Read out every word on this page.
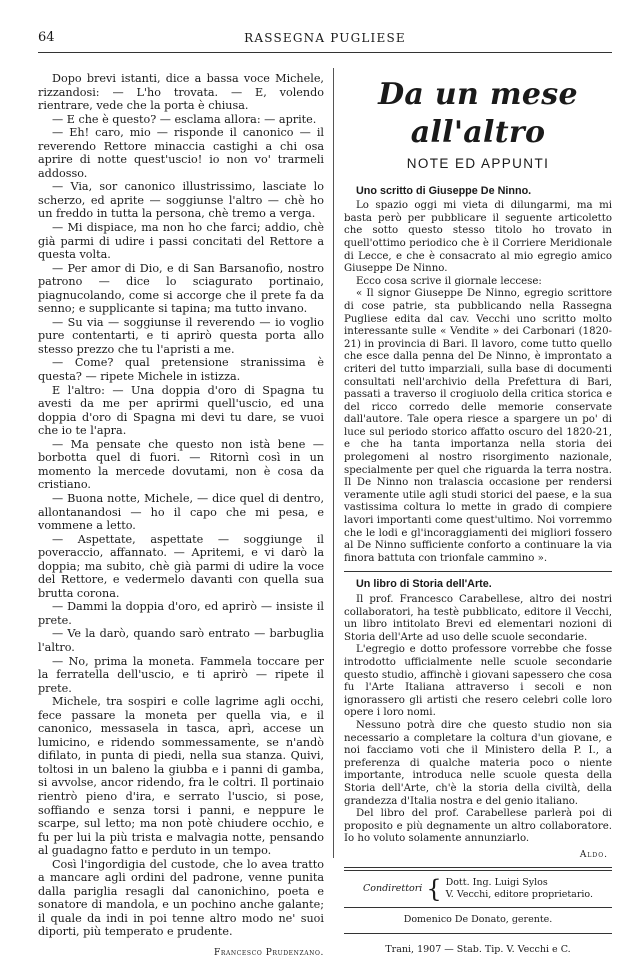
64	RASSEGNA PUGLIESE

Dopo brevi istanti, dice a bassa voce Michele, rizzandosi: — L'ho trovata. — E, volendo rientrare, vede che la porta è chiusa.

— E che è questo? — esclama allora: — aprite.

— Eh! caro, mio — risponde il canonico — il reverendo Rettore minaccia castighi a chi osa aprire di notte quest'uscio! io non vo' trarmeli addosso.

— Via, sor canonico illustrissimo, lasciate lo scherzo, ed aprite — soggiunse l'altro — chè ho un freddo in tutta la persona, chè tremo a verga.

— Mi dispiace, ma non ho che farci; addio, chè già parmi di udire i passi concitati del Rettore a questa volta.

— Per amor di Dio, e di San Barsanofio, nostro patrono — dice lo sciagurato portinaio, piagnucolando, come si accorge che il prete fa da senno; e supplicante si tapina; ma tutto invano.

— Su via — soggiunse il reverendo — io voglio pure contentarti, e ti aprirò questa porta allo stesso prezzo che tu l'apristi a me.

— Come? qual pretensione stranissima è questa? — ripete Michele in istizza.

E l'altro: — Una doppia d'oro di Spagna tu avesti da me per aprirmi quell'uscio, ed una doppia d'oro di Spagna mi devi tu dare, se vuoi che io te l'apra.

— Ma pensate che questo non istà bene — borbotta quel di fuori. — Ritornì così in un momento la mercede dovutami, non è cosa da cristiano.

— Buona notte, Michele, — dice quel di dentro, allontanandosi — ho il capo che mi pesa, e vommene a letto.

— Aspettate, aspettate — soggiunge il poveraccio, affannato. — Apritemi, e vi darò la doppia; ma subito, chè già parmi di udire la voce del Rettore, e vedermelo davanti con quella sua brutta corona.

— Dammi la doppia d'oro, ed aprirò — insiste il prete.

— Ve la darò, quando sarò entrato — barbuglia l'altro.

— No, prima la moneta. Fammela toccare per la ferratella dell'uscio, e ti aprirò — ripete il prete.

Michele, tra sospiri e colle lagrime agli occhi, fece passare la moneta per quella via, e il canonico, messasela in tasca, aprì, accese un lumicino, e ridendo sommessamente, se n'andò difilato, in punta di piedi, nella sua stanza. Quivi, toltosi in un baleno la giubba e i panni di gamba, si avvolse, ancor ridendo, fra le coltri. Il portinaio rientrò pieno d'ira, e serrato l'uscio, si pose, soffiando e senza torsi i panni, e neppure le scarpe, sul letto; ma non potè chiudere occhio, e fu per lui la più trista e malvagia notte, pensando al guadagno fatto e perduto in un tempo.

Così l'ingordigia del custode, che lo avea tratto a mancare agli ordini del padrone, venne punita dalla pariglia resagli dal canonichino, poeta e sonatore di mandola, e un pochino anche galante; il quale da indi in poi tenne altro modo ne' suoi diporti, più temperato e prudente.

Francesco Prudenzano.

Da un mese all'altro
NOTE ED APPUNTI
Uno scritto di Giuseppe De Ninno.

Lo spazio oggi mi vieta di dilungarmi, ma mi basta però per pubblicare il seguente articoletto che sotto questo stesso titolo ho trovato in quell'ottimo periodico che è il Corriere Meridionale di Lecce, e che è consacrato al mio egregio amico Giuseppe De Ninno.

Ecco cosa scrive il giornale leccese:

« Il signor Giuseppe De Ninno, egregio scrittore di cose patrie, sta pubblicando nella Rassegna Pugliese edita dal cav. Vecchi uno scritto molto interessante sulle « Vendite » dei Carbonari (1820-21) in provincia di Bari. Il lavoro, come tutto quello che esce dalla penna del De Ninno, è improntato a criteri del tutto imparziali, sulla base di documenti consultati nell'archivio della Prefettura di Bari, passati a traverso il crogiuolo della critica storica e del ricco corredo delle memorie conservate dall'autore. Tale opera riesce a spargere un po' di luce sul periodo storico affatto oscuro del 1820-21, e che ha tanta importanza nella storia dei prolegomeni al nostro risorgimento nazionale, specialmente per quel che riguarda la terra nostra. Il De Ninno non tralascia occasione per rendersi veramente utile agli studi storici del paese, e la sua vastissima coltura lo mette in grado di compiere lavori importanti come quest'ultimo. Noi vorremmo che le lodi e gl'incoraggiamenti dei migliori fossero al De Ninno sufficiente conforto a continuare la via finora battuta con trionfale cammino ».

Un libro di Storia dell'Arte.

Il prof. Francesco Carabellese, altro dei nostri collaboratori, ha testè pubblicato, editore il Vecchi, un libro intitolato Brevi ed elementari nozioni di Storia dell'Arte ad uso delle scuole secondarie.

L'egregio e dotto professore vorrebbe che fosse introdotto ufficialmente nelle scuole secondarie questo studio, affinchè i giovani sapessero che cosa fu l'Arte Italiana attraverso i secoli e non ignorassero gli artisti che resero celebri colle loro opere i loro nomi.

Nessuno potrà dire che questo studio non sia necessario a completare la coltura d'un giovane, e noi facciamo voti che il Ministero della P. I., a preferenza di qualche materia poco o niente importante, introduca nelle scuole questa della Storia dell'Arte, ch'è la storia della civiltà, della grandezza d'Italia nostra e del genio italiano.

Del libro del prof. Carabellese parlerà poi di proposito e più degnamente un altro collaboratore. Io ho voluto solamente annunziarlo.

Aldo.
Condirettori { Dott. Ing. Luigi Sylos
V. Vecchi, editore proprietario.
Domenico De Donato, gerente.
Trani, 1907 — Stab. Tip. V. Vecchi e C.
